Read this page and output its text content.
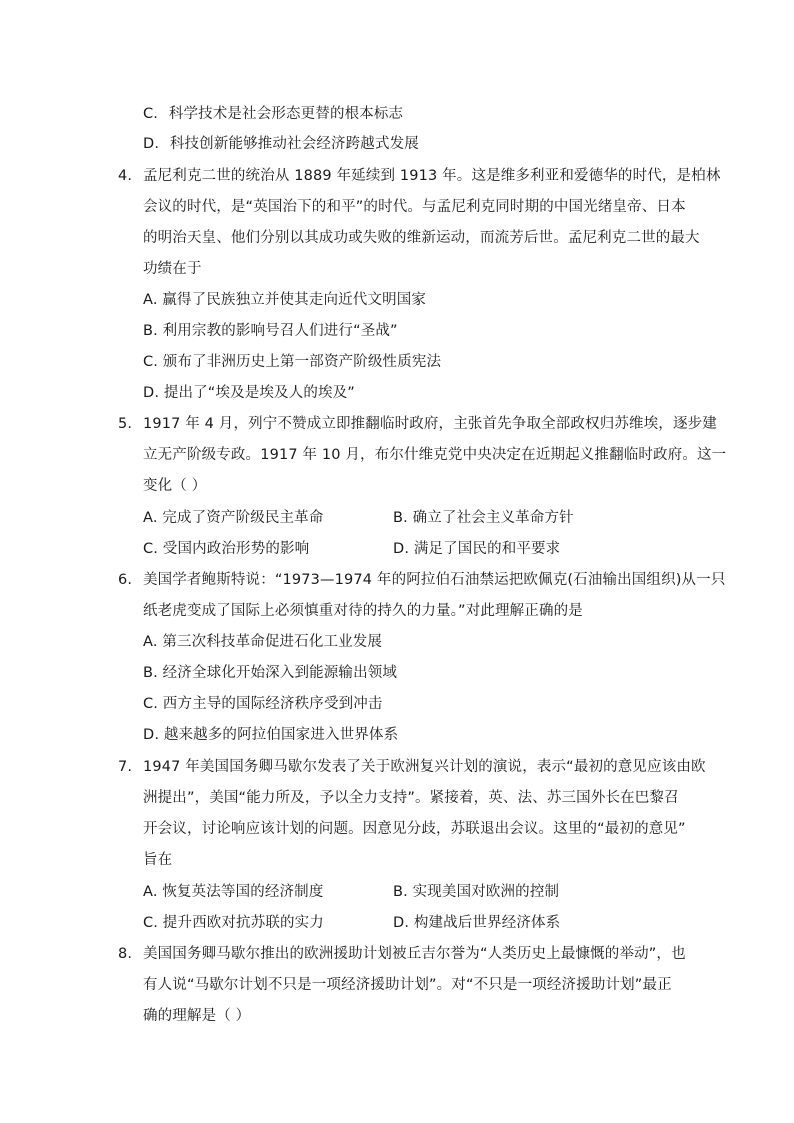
C. 科学技术是社会形态更替的根本标志
D. 科技创新能够推动社会经济跨越式发展
4. 孟尼利克二世的统治从 1889 年延续到 1913 年。这是维多利亚和爱德华的时代，是柏林
会议的时代，是“英国治下的和平”的时代。与孟尼利克同时期的中国光绪皇帝、日本
的明治天皇、他们分别以其成功或失败的维新运动，而流芳后世。孟尼利克二世的最大
功绩在于
A. 赢得了民族独立并使其走向近代文明国家
B. 利用宗教的影响号召人们进行“圣战”
C. 颁布了非洲历史上第一部资产阶级性质宪法
D. 提出了“埃及是埃及人的埃及”
5. 1917 年 4 月，列宁不赞成立即推翻临时政府，主张首先争取全部政权归苏维埃，逐步建
立无产阶级专政。1917 年 10 月，布尔什维克党中央决定在近期起义推翻临时政府。这一
变化（ ）
A. 完成了资产阶级民主革命	B. 确立了社会主义革命方针
C. 受国内政治形势的影响	D. 满足了国民的和平要求
6. 美国学者鲍斯特说：“1973—1974 年的阿拉伯石油禁运把欧佩克(石油输出国组织)从一只
纸老虎变成了国际上必须慎重对待的持久的力量。”对此理解正确的是
A. 第三次科技革命促进石化工业发展
B. 经济全球化开始深入到能源输出领域
C. 西方主导的国际经济秩序受到冲击
D. 越来越多的阿拉伯国家进入世界体系
7. 1947 年美国国务卿马歇尔发表了关于欧洲复兴计划的演说，表示“最初的意见应该由欧
洲提出”，美国“能力所及，予以全力支持”。紧接着，英、法、苏三国外长在巴黎召
开会议，讨论响应该计划的问题。因意见分歧，苏联退出会议。这里的“最初的意见”
旨在
A. 恢复英法等国的经济制度	B. 实现美国对欧洲的控制
C. 提升西欧对抗苏联的实力	D. 构建战后世界经济体系
8. 美国国务卿马歇尔推出的欧洲援助计划被丘吉尔誉为“人类历史上最慷慨的举动”，也
有人说“马歇尔计划不只是一项经济援助计划”。对“不只是一项经济援助计划”最正
确的理解是（ ）
